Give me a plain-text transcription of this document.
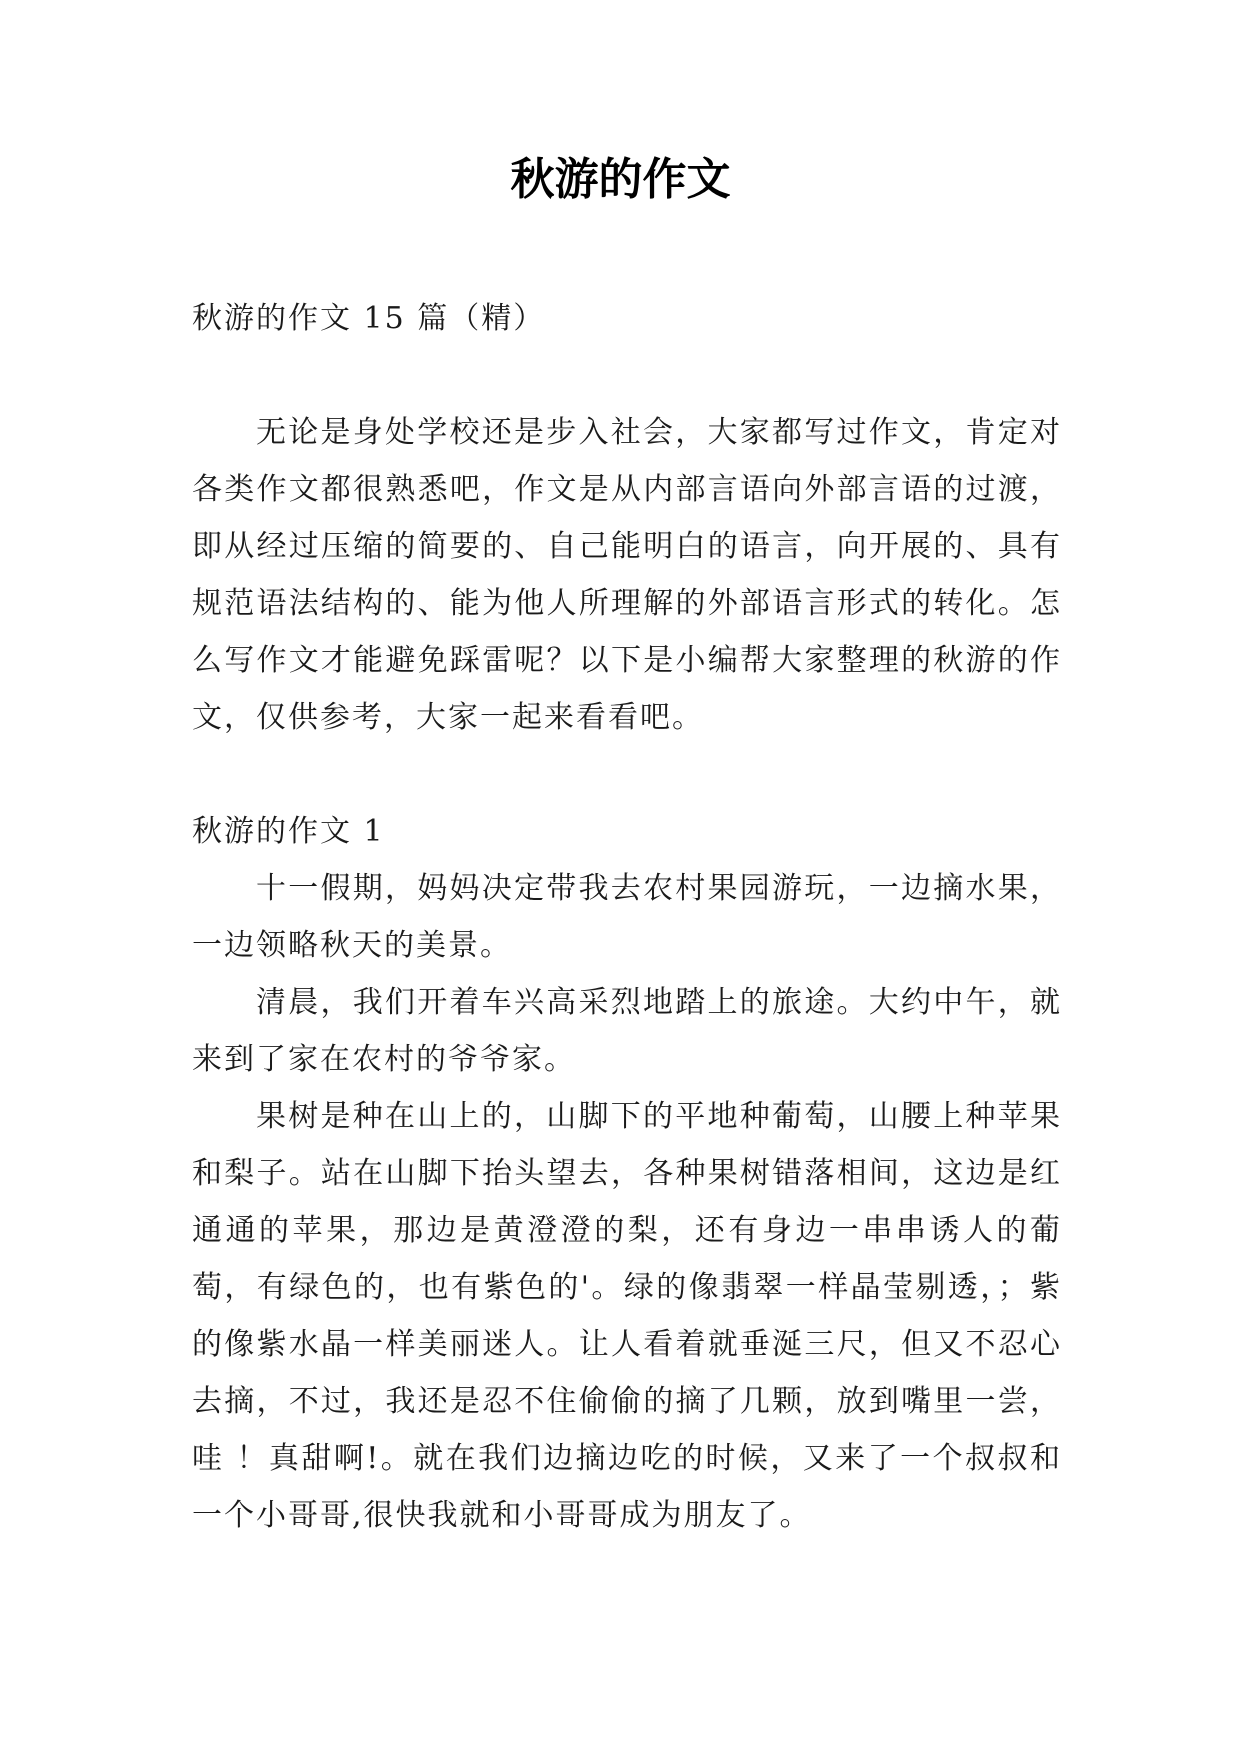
秋游的作文

秋游的作文 15 篇（精）

无论是身处学校还是步入社会，大家都写过作文，肯定对各类作文都很熟悉吧，作文是从内部言语向外部言语的过渡，即从经过压缩的简要的、自己能明白的语言，向开展的、具有规范语法结构的、能为他人所理解的外部语言形式的转化。怎么写作文才能避免踩雷呢？以下是小编帮大家整理的秋游的作文，仅供参考，大家一起来看看吧。

秋游的作文 1

十一假期，妈妈决定带我去农村果园游玩，一边摘水果，一边领略秋天的美景。

清晨，我们开着车兴高采烈地踏上的旅途。大约中午，就来到了家在农村的爷爷家。

果树是种在山上的，山脚下的平地种葡萄，山腰上种苹果和梨子。站在山脚下抬头望去，各种果树错落相间，这边是红通通的苹果，那边是黄澄澄的梨，还有身边一串串诱人的葡萄，有绿色的，也有紫色的'。绿的像翡翠一样晶莹剔透，；紫的像紫水晶一样美丽迷人。让人看着就垂涎三尺，但又不忍心去摘，不过，我还是忍不住偷偷的摘了几颗，放到嘴里一尝，哇 ！真甜啊!。就在我们边摘边吃的时候，又来了一个叔叔和一个小哥哥,很快我就和小哥哥成为朋友了。
